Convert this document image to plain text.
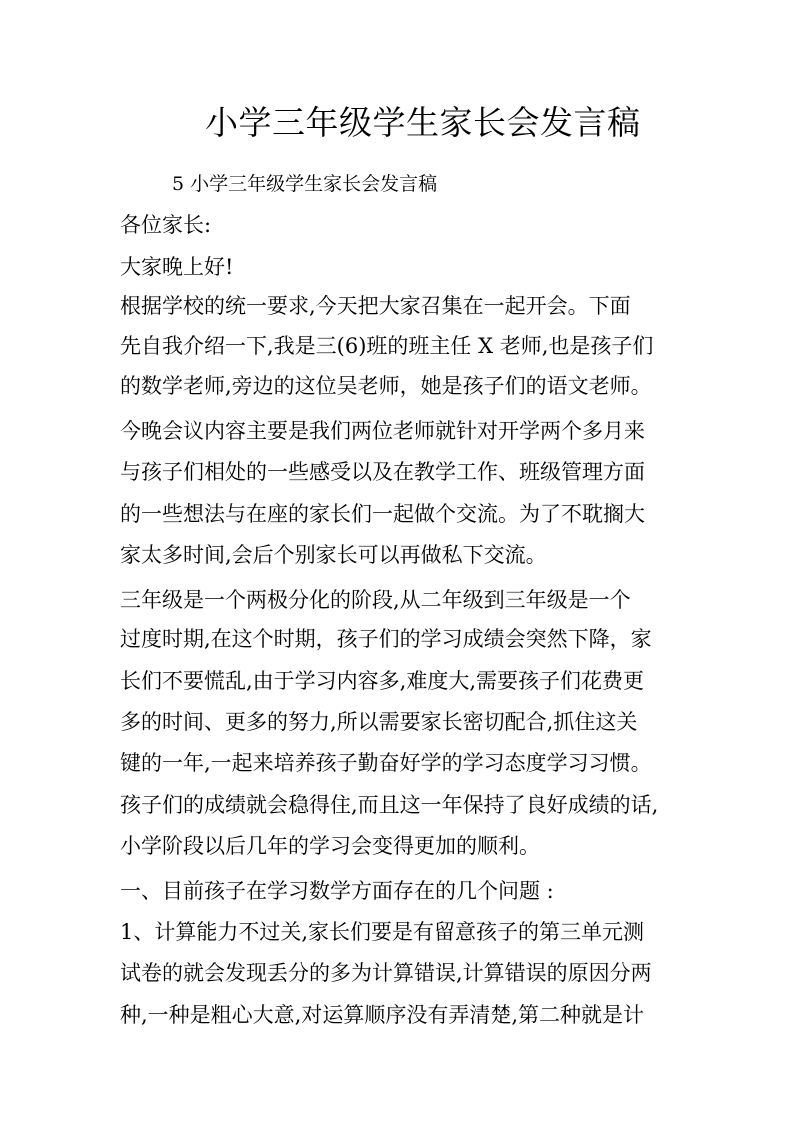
小学三年级学生家长会发言稿
5 小学三年级学生家长会发言稿
各位家长:
大家晚上好!
根据学校的统一要求,今天把大家召集在一起开会。下面
先自我介绍一下,我是三(6)班的班主任 X 老师,也是孩子们
的数学老师,旁边的这位吴老师，她是孩子们的语文老师。
今晚会议内容主要是我们两位老师就针对开学两个多月来
与孩子们相处的一些感受以及在教学工作、班级管理方面
的一些想法与在座的家长们一起做个交流。为了不耽搁大
家太多时间,会后个别家长可以再做私下交流。
三年级是一个两极分化的阶段,从二年级到三年级是一个
过度时期,在这个时期，孩子们的学习成绩会突然下降，家
长们不要慌乱,由于学习内容多,难度大,需要孩子们花费更
多的时间、更多的努力,所以需要家长密切配合,抓住这关
键的一年,一起来培养孩子勤奋好学的学习态度学习习惯。
孩子们的成绩就会稳得住,而且这一年保持了良好成绩的话,
小学阶段以后几年的学习会变得更加的顺利。
一、目前孩子在学习数学方面存在的几个问题 :
1、计算能力不过关,家长们要是有留意孩子的第三单元测
试卷的就会发现丢分的多为计算错误,计算错误的原因分两
种,一种是粗心大意,对运算顺序没有弄清楚,第二种就是计
